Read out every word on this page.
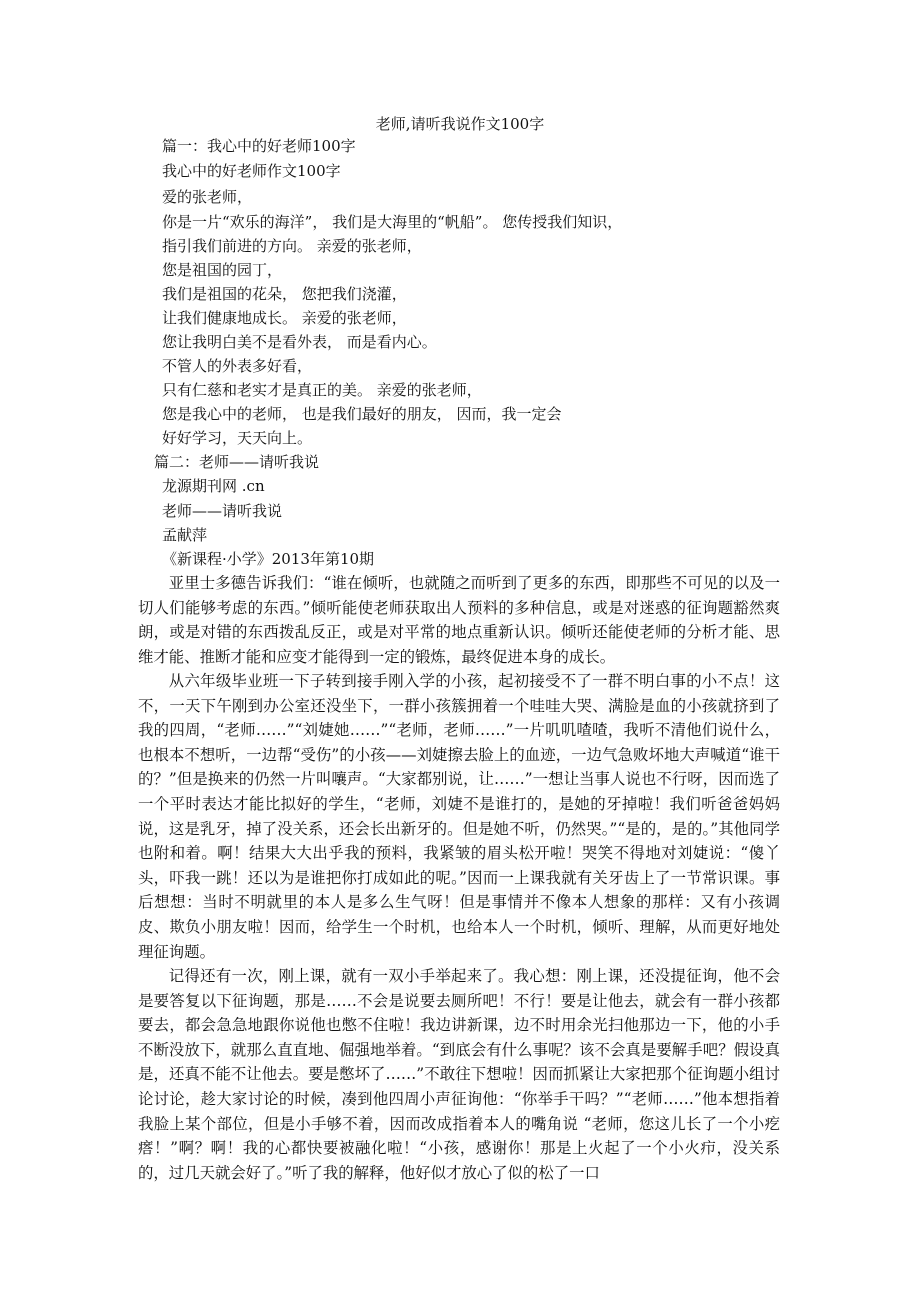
老师,请听我说作文100字
篇一：我心中的好老师100字
我心中的好老师作文100字
爱的张老师，
你是一片“欢乐的海洋”， 我们是大海里的“帆船”。 您传授我们知识，
指引我们前进的方向。 亲爱的张老师，
您是祖国的园丁，
我们是祖国的花朵， 您把我们浇灌，
让我们健康地成长。 亲爱的张老师，
您让我明白美不是看外表， 而是看内心。
不管人的外表多好看，
只有仁慈和老实才是真正的美。 亲爱的张老师，
您是我心中的老师， 也是我们最好的朋友， 因而，我一定会
好好学习，天天向上。
篇二：老师——请听我说
龙源期刊网 .cn
老师——请听我说
孟献萍
《新课程·小学》2013年第10期

亚里士多德告诉我们：“谁在倾听，也就随之而听到了更多的东西，即那些不可见的以及一切人们能够考虑的东西。”倾听能使老师获取出人预料的多种信息，或是对迷惑的征询题豁然爽朗，或是对错的东西拨乱反正，或是对平常的地点重新认识。倾听还能使老师的分析才能、思维才能、推断才能和应变才能得到一定的锻炼，最终促进本身的成长。

从六年级毕业班一下子转到接手刚入学的小孩，起初接受不了一群不明白事的小不点！这不，一天下午刚到办公室还没坐下，一群小孩簇拥着一个哇哇大哭、满脸是血的小孩就挤到了我的四周，“老师……”“刘婕她……”“老师，老师……”一片叽叽喳喳，我听不清他们说什么，也根本不想听，一边帮“受伤”的小孩——刘婕擦去脸上的血迹，一边气急败坏地大声喊道“谁干的？”但是换来的仍然一片叫嚷声。“大家都别说，让……”一想让当事人说也不行呀，因而选了一个平时表达才能比拟好的学生，“老师，刘婕不是谁打的，是她的牙掉啦！我们听爸爸妈妈说，这是乳牙，掉了没关系，还会长出新牙的。但是她不听，仍然哭。”“是的，是的。”其他同学也附和着。啊！结果大大出乎我的预料，我紧皱的眉头松开啦！哭笑不得地对刘婕说：“傻丫头，吓我一跳！还以为是谁把你打成如此的呢。”因而一上课我就有关牙齿上了一节常识课。事后想想：当时不明就里的本人是多么生气呀！但是事情并不像本人想象的那样：又有小孩调皮、欺负小朋友啦！因而，给学生一个时机，也给本人一个时机，倾听、理解，从而更好地处理征询题。

记得还有一次，刚上课，就有一双小手举起来了。我心想：刚上课，还没提征询，他不会是要答复以下征询题，那是……不会是说要去厕所吧！不行！要是让他去，就会有一群小孩都要去，都会急急地跟你说他也憋不住啦！我边讲新课，边不时用余光扫他那边一下，他的小手不断没放下，就那么直直地、倔强地举着。“到底会有什么事呢？该不会真是要解手吧？假设真是，还真不能不让他去。要是憋坏了……”不敢往下想啦！因而抓紧让大家把那个征询题小组讨论讨论，趁大家讨论的时候，凑到他四周小声征询他：“你举手干吗？”“老师……”他本想指着我脸上某个部位，但是小手够不着，因而改成指着本人的嘴角说 “老师，您这儿长了一个小疙瘩！”啊？啊！我的心都快要被融化啦！“小孩，感谢你！那是上火起了一个小火疖，没关系的，过几天就会好了。”听了我的解释，他好似才放心了似的松了一口
